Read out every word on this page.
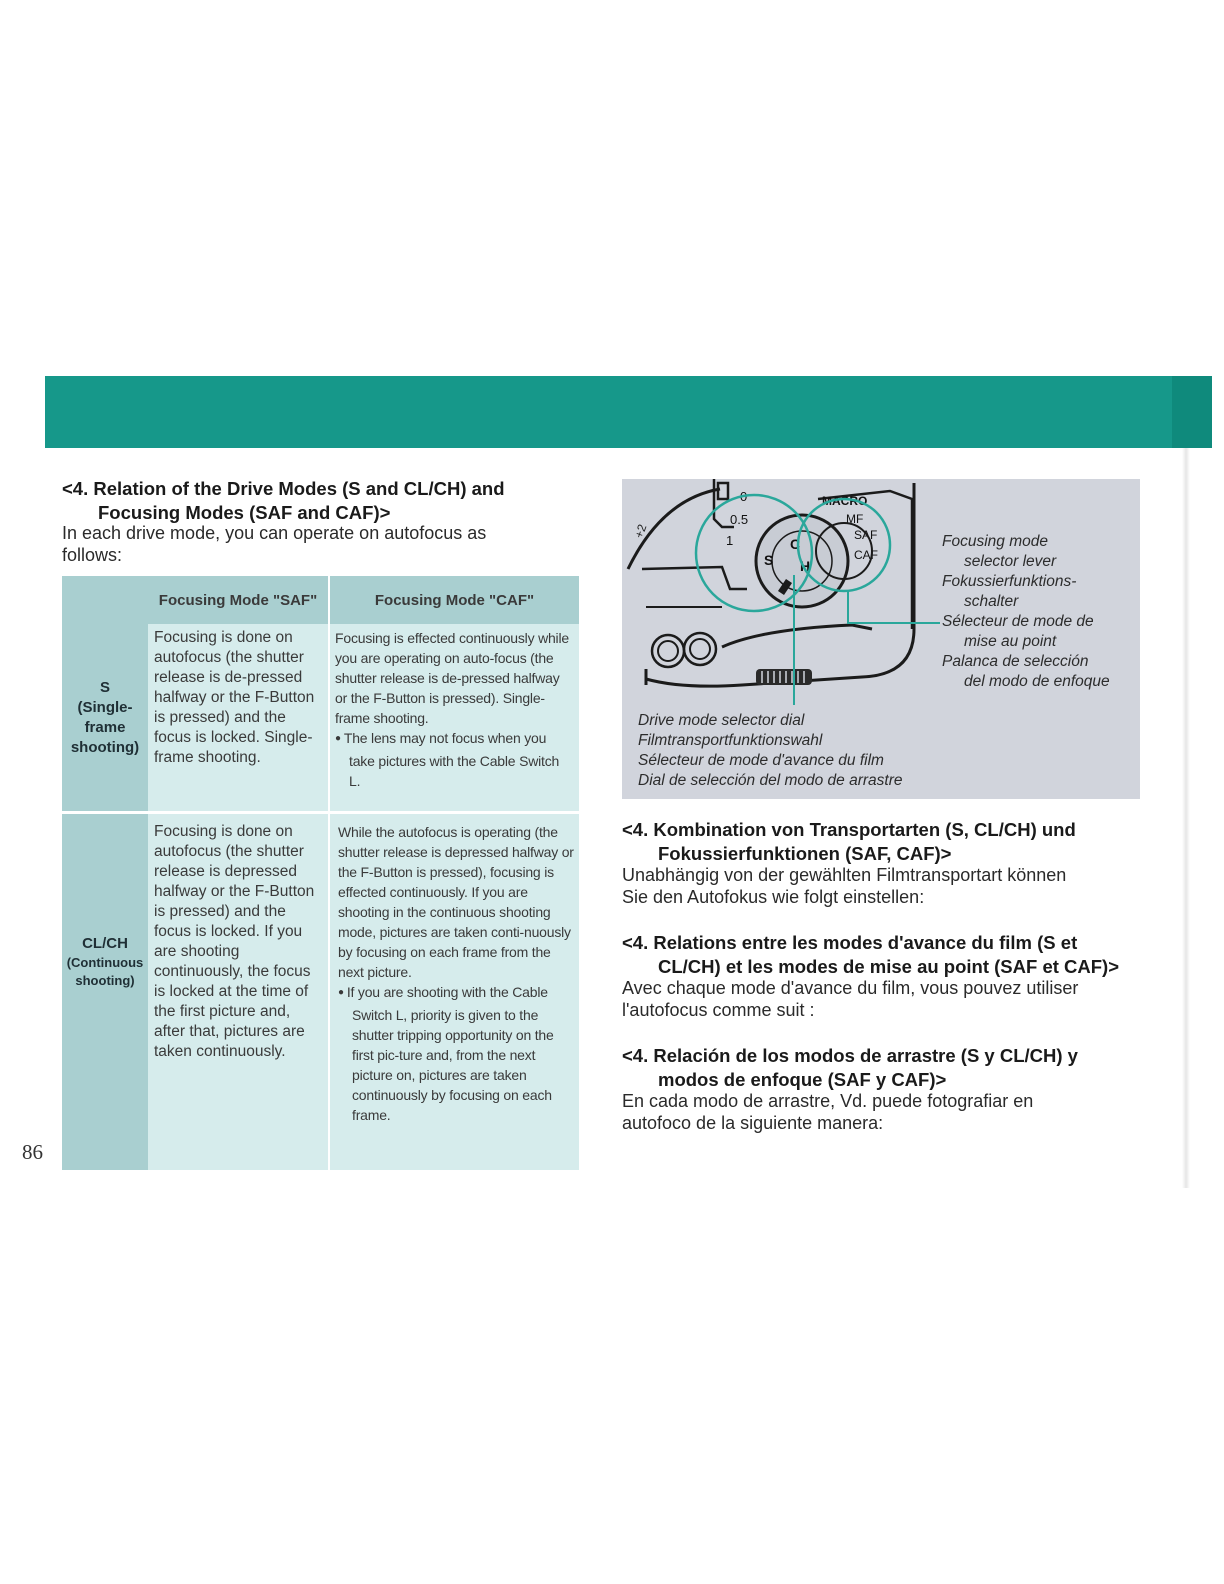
86
<4. Relation of the Drive Modes (S and CL/CH) and
Focusing Modes (SAF and CAF)>
In each drive mode, you can operate on autofocus as
follows:
Focusing Mode "SAF"	Focusing Mode "CAF"
S
(Single-frame shooting)
CL/CH
(Continuous shooting)
Focusing is done on autofocus (the shutter release is de-pressed halfway or the F-Button is pressed) and the focus is locked. Single-frame shooting.
Focusing is effected continuously while you are operating on auto-focus (the shutter release is de-pressed halfway or the F-Button is pressed). Single-frame shooting.
● The lens may not focus when you take pictures with the Cable Switch L.
Focusing is done on autofocus (the shutter release is depressed halfway or the F-Button is pressed) and the focus is locked. If you are shooting continuously, the focus is locked at the time of the first picture and, after that, pictures are taken continuously.
While the autofocus is operating (the shutter release is depressed halfway or the F-Button is pressed), focusing is effected continuously. If you are shooting in the continuous shooting mode, pictures are taken conti-nuously by focusing on each frame from the next picture.
● If you are shooting with the Cable Switch L, priority is given to the shutter tripping opportunity on the first pic-ture and, from the next picture on, pictures are taken continuously by focusing on each frame.
+2
0
0.5
1
S
C
H
MACRO
MF
SAF
CAF
Focusing mode
selector lever
Fokussierfunktions-
schalter
Sélecteur de mode de
mise au point
Palanca de selección
del modo de enfoque
Drive mode selector dial
Filmtransportfunktionswahl
Sélecteur de mode d'avance du film
Dial de selección del modo de arrastre
<4. Kombination von Transportarten (S, CL/CH) und
Fokussierfunktionen (SAF, CAF)>
Unabhängig von der gewählten Filmtransportart können
Sie den Autofokus wie folgt einstellen:
<4. Relations entre les modes d'avance du film (S et
CL/CH) et les modes de mise au point (SAF et CAF)>
Avec chaque mode d'avance du film, vous pouvez utiliser
l'autofocus comme suit :
<4. Relación de los modos de arrastre (S y CL/CH) y
modos de enfoque (SAF y CAF)>
En cada modo de arrastre, Vd. puede fotografiar en
autofoco de la siguiente manera:
